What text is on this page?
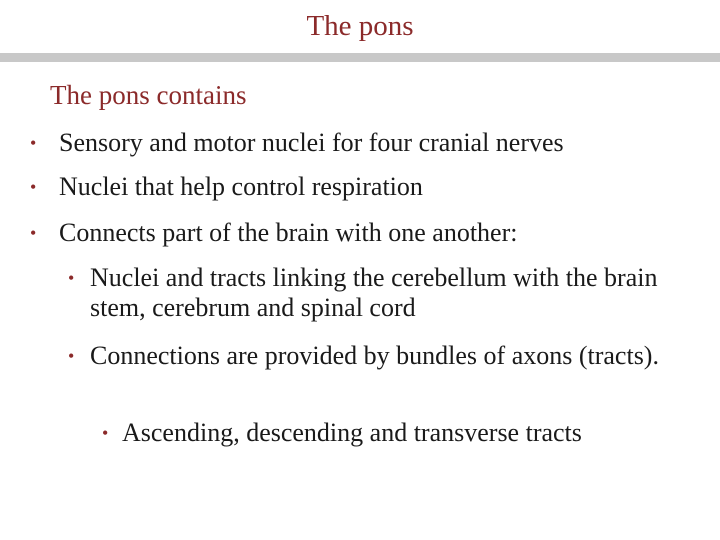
The pons
The pons contains
• Sensory and motor nuclei for four cranial nerves
• Nuclei that help control respiration
• Connects part of the brain with one another:
• Nuclei and tracts linking the cerebellum with the brain stem, cerebrum and spinal cord
• Connections are provided by bundles of axons (tracts).
• Ascending, descending and transverse tracts
